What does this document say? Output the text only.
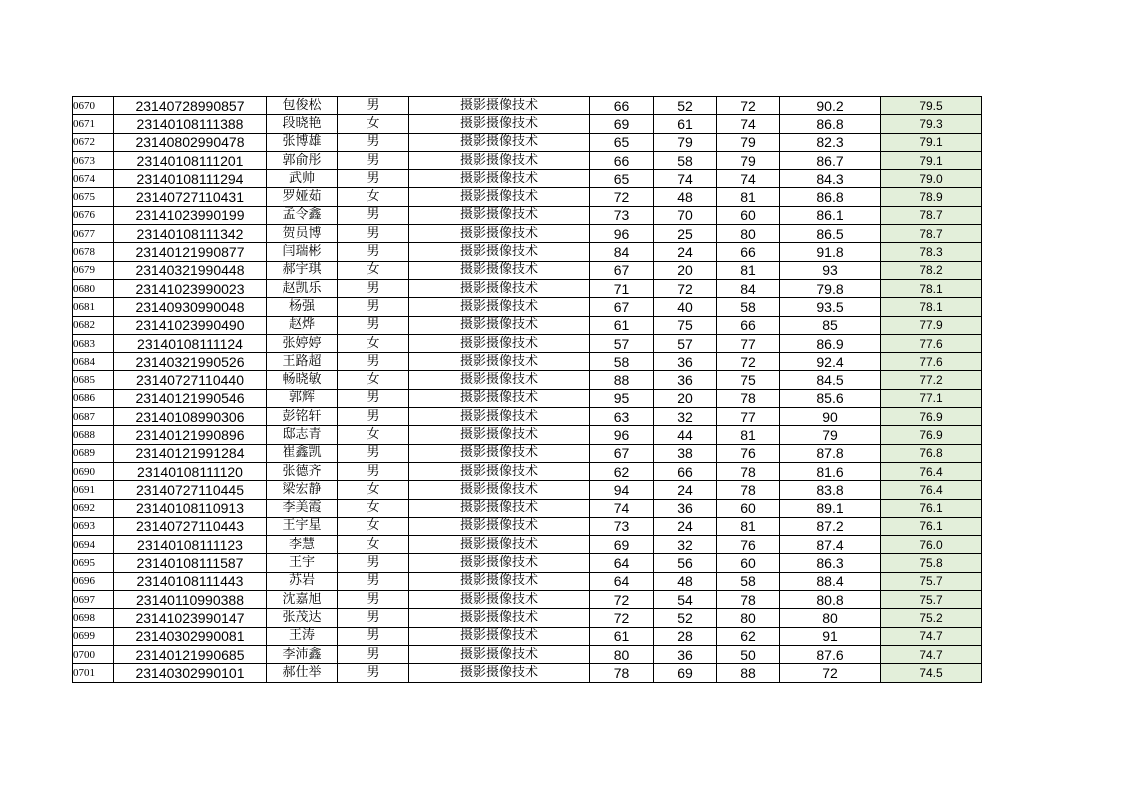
0670	23140728990857	包俊松	男	摄影摄像技术	66	52	72	90.2	79.5
0671	23140108111388	段晓艳	女	摄影摄像技术	69	61	74	86.8	79.3
0672	23140802990478	张博雄	男	摄影摄像技术	65	79	79	82.3	79.1
0673	23140108111201	郭俞彤	男	摄影摄像技术	66	58	79	86.7	79.1
0674	23140108111294	武帅	男	摄影摄像技术	65	74	74	84.3	79.0
0675	23140727110431	罗娅茹	女	摄影摄像技术	72	48	81	86.8	78.9
0676	23141023990199	孟令鑫	男	摄影摄像技术	73	70	60	86.1	78.7
0677	23140108111342	贺员博	男	摄影摄像技术	96	25	80	86.5	78.7
0678	23140121990877	闫瑞彬	男	摄影摄像技术	84	24	66	91.8	78.3
0679	23140321990448	郝宇琪	女	摄影摄像技术	67	20	81	93	78.2
0680	23141023990023	赵凯乐	男	摄影摄像技术	71	72	84	79.8	78.1
0681	23140930990048	杨强	男	摄影摄像技术	67	40	58	93.5	78.1
0682	23141023990490	赵烨	男	摄影摄像技术	61	75	66	85	77.9
0683	23140108111124	张婷婷	女	摄影摄像技术	57	57	77	86.9	77.6
0684	23140321990526	王路超	男	摄影摄像技术	58	36	72	92.4	77.6
0685	23140727110440	畅晓敏	女	摄影摄像技术	88	36	75	84.5	77.2
0686	23140121990546	郭辉	男	摄影摄像技术	95	20	78	85.6	77.1
0687	23140108990306	彭铭轩	男	摄影摄像技术	63	32	77	90	76.9
0688	23140121990896	邸志青	女	摄影摄像技术	96	44	81	79	76.9
0689	23140121991284	崔鑫凯	男	摄影摄像技术	67	38	76	87.8	76.8
0690	23140108111120	张德齐	男	摄影摄像技术	62	66	78	81.6	76.4
0691	23140727110445	梁宏静	女	摄影摄像技术	94	24	78	83.8	76.4
0692	23140108110913	李美霞	女	摄影摄像技术	74	36	60	89.1	76.1
0693	23140727110443	王宇星	女	摄影摄像技术	73	24	81	87.2	76.1
0694	23140108111123	李慧	女	摄影摄像技术	69	32	76	87.4	76.0
0695	23140108111587	王宇	男	摄影摄像技术	64	56	60	86.3	75.8
0696	23140108111443	苏岩	男	摄影摄像技术	64	48	58	88.4	75.7
0697	23140110990388	沈嘉旭	男	摄影摄像技术	72	54	78	80.8	75.7
0698	23141023990147	张茂达	男	摄影摄像技术	72	52	80	80	75.2
0699	23140302990081	王涛	男	摄影摄像技术	61	28	62	91	74.7
0700	23140121990685	李沛鑫	男	摄影摄像技术	80	36	50	87.6	74.7
0701	23140302990101	郝仕举	男	摄影摄像技术	78	69	88	72	74.5
